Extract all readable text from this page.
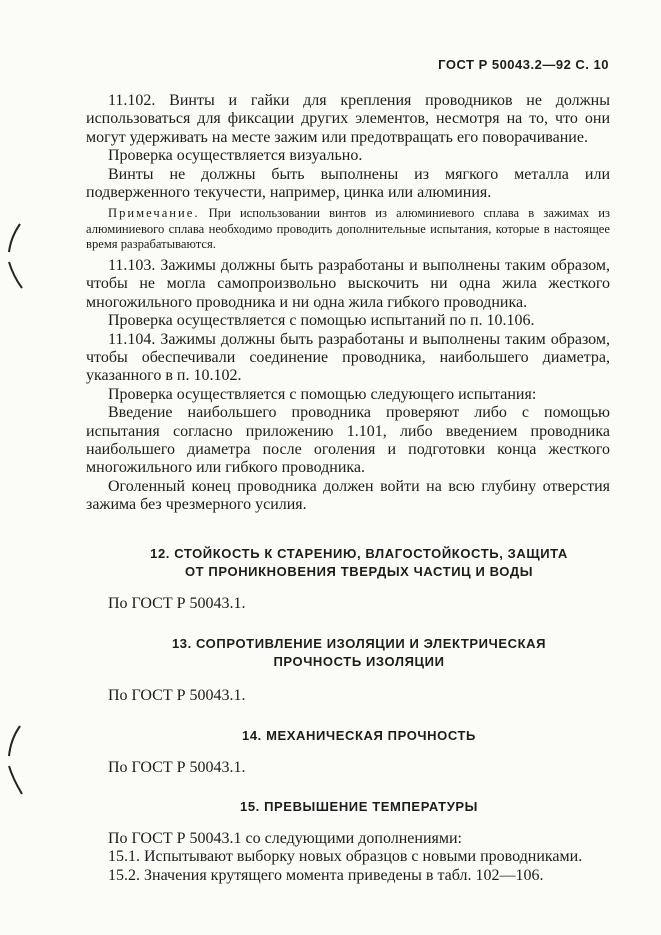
ГОСТ Р 50043.2—92 С. 10

11.102. Винты и гайки для крепления проводников не должны использоваться для фиксации других элементов, несмотря на то, что они могут удерживать на месте зажим или предотвращать его поворачивание.

Проверка осуществляется визуально.

Винты не должны быть выполнены из мягкого металла или подверженного текучести, например, цинка или алюминия.

Примечание. При использовании винтов из алюминиевого сплава в зажимах из алюминиевого сплава необходимо проводить дополнительные испытания, которые в настоящее время разрабатываются.

11.103. Зажимы должны быть разработаны и выполнены таким образом, чтобы не могла самопроизвольно выскочить ни одна жила жесткого многожильного проводника и ни одна жила гибкого проводника.

Проверка осуществляется с помощью испытаний по п. 10.106.

11.104. Зажимы должны быть разработаны и выполнены таким образом, чтобы обеспечивали соединение проводника, наибольшего диаметра, указанного в п. 10.102.

Проверка осуществляется с помощью следующего испытания:

Введение наибольшего проводника проверяют либо с помощью испытания согласно приложению 1.101, либо введением проводника наибольшего диаметра после оголения и подготовки конца жесткого многожильного или гибкого проводника.

Оголенный конец проводника должен войти на всю глубину отверстия зажима без чрезмерного усилия.

12. СТОЙКОСТЬ К СТАРЕНИЮ, ВЛАГОСТОЙКОСТЬ, ЗАЩИТА

ОТ ПРОНИКНОВЕНИЯ ТВЕРДЫХ ЧАСТИЦ И ВОДЫ

По ГОСТ Р 50043.1.

13. СОПРОТИВЛЕНИЕ ИЗОЛЯЦИИ И ЭЛЕКТРИЧЕСКАЯ

ПРОЧНОСТЬ ИЗОЛЯЦИИ

По ГОСТ Р 50043.1.

14. МЕХАНИЧЕСКАЯ ПРОЧНОСТЬ

По ГОСТ Р 50043.1.

15. ПРЕВЫШЕНИЕ ТЕМПЕРАТУРЫ

По ГОСТ Р 50043.1 со следующими дополнениями:

15.1. Испытывают выборку новых образцов с новыми проводниками.

15.2. Значения крутящего момента приведены в табл. 102—106.
